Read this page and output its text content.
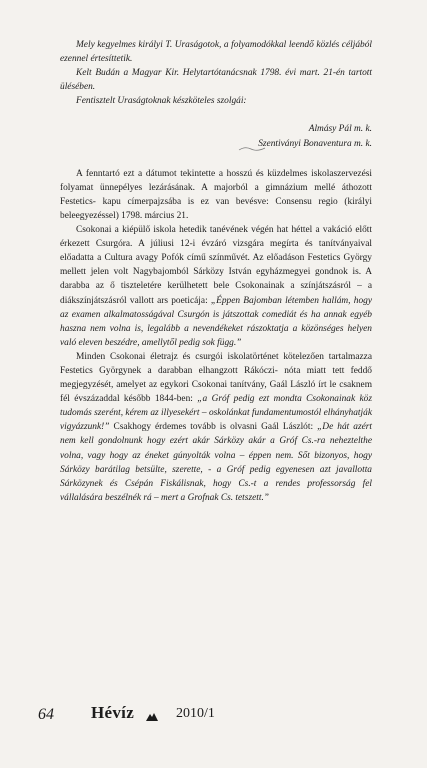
Mely kegyelmes királyi T. Uraságotok, a folyamodókkal leendő közlés céljából ezennel értesíttetik.

Kelt Budán a Magyar Kir. Helytartótanácsnak 1798. évi mart. 21-én tartott ülésében.

Fentisztelt Uraságtoknak készköteles szolgái:

Almásy Pál m. k.

Szentiványi Bonaventura m. k.

A fenntartó ezt a dátumot tekintette a hosszú és küzdelmes iskolaszervezési folyamat ünnepélyes lezárásának. A majorból a gimnázium mellé áthozott Festetics- kapu címerpajzsába is ez van bevésve: Consensu regio (királyi beleegyezéssel) 1798. március 21.

Csokonai a kiépülő iskola hetedik tanévének végén hat héttel a vakáció előtt érkezett Csurgóra. A júliusi 12-i évzáró vizsgára megírta és tanítványaival előadatta a Cultura avagy Pofók című színművét. Az előadáson Festetics György mellett jelen volt Nagybajomból Sárközy István egyházmegyei gondnok is. A darabba az ő tiszteletére kerülhetett bele Csokonainak a színjátszásról – a diákszínjátszásról vallott ars poeticája: „Éppen Bajomban létemben hallám, hogy az examen alkalmatosságával Csurgón is játszottak comediát és ha annak egyéb haszna nem volna is, legalább a nevendékeket rászoktatja a közönséges helyen való eleven beszédre, amellytől pedig sok függ.”

Minden Csokonai életrajz és csurgói iskolatörténet kötelezően tartalmazza Festetics Györgynek a darabban elhangzott Rákóczi- nóta miatt tett feddő megjegyzését, amelyet az egykori Csokonai tanítvány, Gaál László írt le csaknem fél évszázaddal később 1844-ben: „a Gróf pedig ezt mondta Csokonainak köz tudomás szerént, kérem az illyesekért – oskolánkat fundamentumostól elhányhatják vigyázzunk!” Csakhogy érdemes tovább is olvasni Gaál Lászlót: „De hát azért nem kell gondolnunk hogy ezért akár Sárközy akár a Gróf Cs.-ra neheztelthe volna, vagy hogy az éneket gúnyolták volna – éppen nem. Sőt bizonyos, hogy Sárközy barátilag betsülte, szerette, - a Gróf pedig egyenesen azt javallotta Sárközynek és Csépán Fiskálisnak, hogy Cs.-t a rendes professorság fel vállalására beszélnék rá – mert a Grofnak Cs. tetszett.”

64 Hévíz	2010/1
